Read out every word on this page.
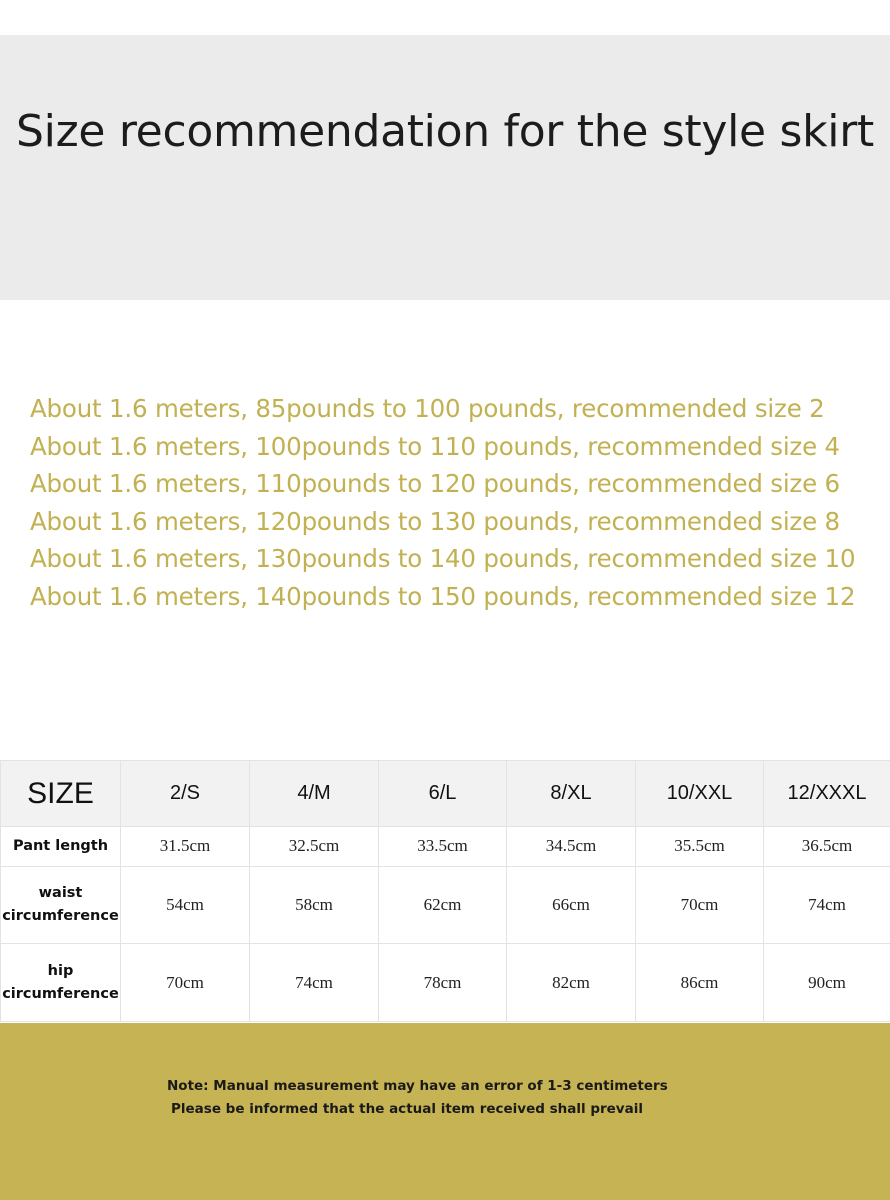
Size recommendation for the style skirt
About 1.6 meters, 85pounds to 100 pounds, recommended size 2
About 1.6 meters, 100pounds to 110 pounds, recommended size 4
About 1.6 meters, 110pounds to 120 pounds, recommended size 6
About 1.6 meters, 120pounds to 130 pounds, recommended size 8
About 1.6 meters, 130pounds to 140 pounds, recommended size 10
About 1.6 meters, 140pounds to 150 pounds, recommended size 12
SIZE	2/S	4/M	6/L	8/XL	10/XXL	12/XXXL
Pant length	31.5cm	32.5cm	33.5cm	34.5cm	35.5cm	36.5cm
waist
circumference	54cm	58cm	62cm	66cm	70cm	74cm
hip
circumference	70cm	74cm	78cm	82cm	86cm	90cm

Note: Manual measurement may have an error of 1-3 centimeters
Please be informed that the actual item received shall prevail
